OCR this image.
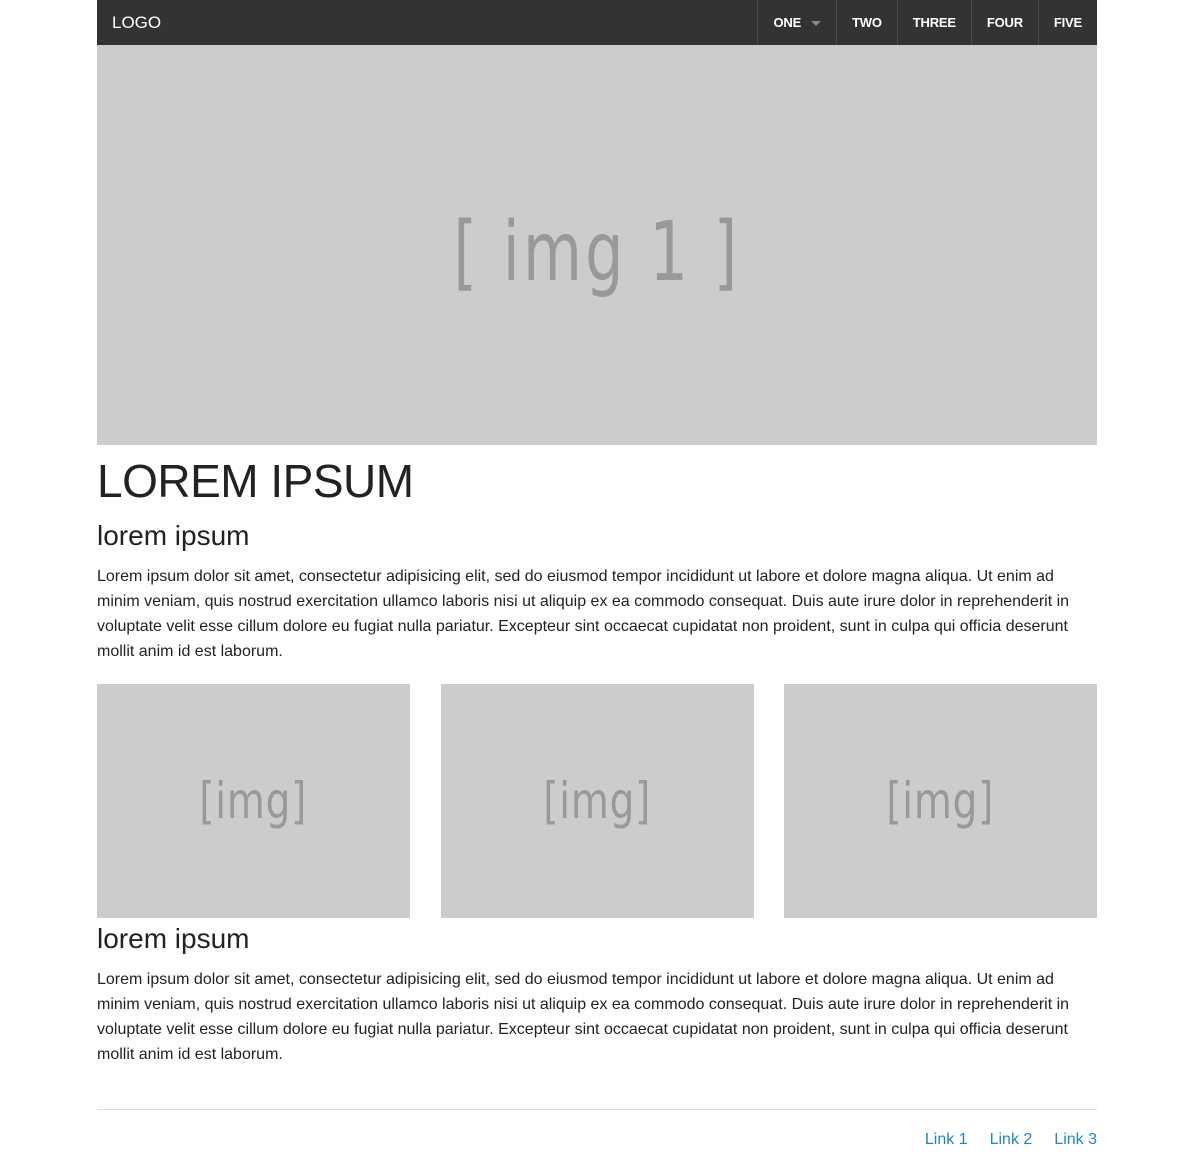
LOGO	ONE	TWO	THREE	FOUR	FIVE
[ img 1 ]
LOREM IPSUM
lorem ipsum

Lorem ipsum dolor sit amet, consectetur adipisicing elit, sed do eiusmod tempor incididunt ut labore et dolore magna aliqua. Ut enim ad minim veniam, quis nostrud exercitation ullamco laboris nisi ut aliquip ex ea commodo consequat. Duis aute irure dolor in reprehenderit in voluptate velit esse cillum dolore eu fugiat nulla pariatur. Excepteur sint occaecat cupidatat non proident, sunt in culpa qui officia deserunt mollit anim id est laborum.

[img]	[img]	[img]
lorem ipsum

Lorem ipsum dolor sit amet, consectetur adipisicing elit, sed do eiusmod tempor incididunt ut labore et dolore magna aliqua. Ut enim ad minim veniam, quis nostrud exercitation ullamco laboris nisi ut aliquip ex ea commodo consequat. Duis aute irure dolor in reprehenderit in voluptate velit esse cillum dolore eu fugiat nulla pariatur. Excepteur sint occaecat cupidatat non proident, sunt in culpa qui officia deserunt mollit anim id est laborum.

Link 1 Link 2 Link 3
